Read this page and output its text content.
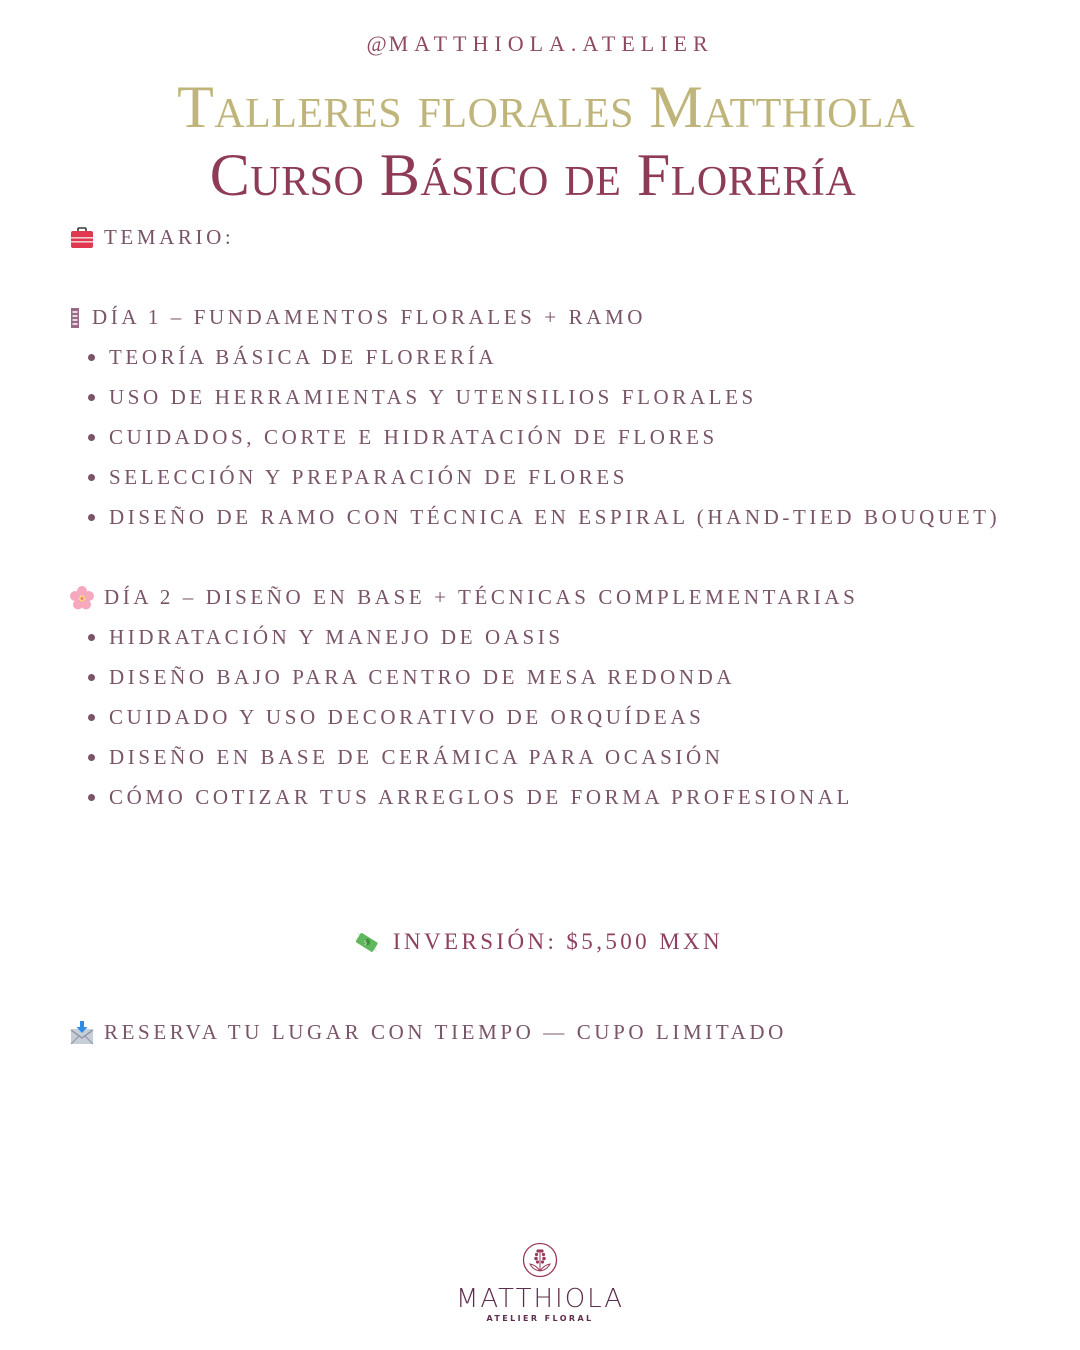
@MATTHIOLA.ATELIER
Talleres florales Matthiola
Curso Básico de Florería
TEMARIO:
DÍA 1 – FUNDAMENTOS FLORALES + RAMO
TEORÍA BÁSICA DE FLORERÍA
USO DE HERRAMIENTAS Y UTENSILIOS FLORALES
CUIDADOS, CORTE E HIDRATACIÓN DE FLORES
SELECCIÓN Y PREPARACIÓN DE FLORES
DISEÑO DE RAMO CON TÉCNICA EN ESPIRAL (HAND-TIED BOUQUET)
DÍA 2 – DISEÑO EN BASE + TÉCNICAS COMPLEMENTARIAS
HIDRATACIÓN Y MANEJO DE OASIS
DISEÑO BAJO PARA CENTRO DE MESA REDONDA
CUIDADO Y USO DECORATIVO DE ORQUÍDEAS
DISEÑO EN BASE DE CERÁMICA PARA OCASIÓN
CÓMO COTIZAR TUS ARREGLOS DE FORMA PROFESIONAL
$ INVERSIÓN: $5,500 MXN
RESERVA TU LUGAR CON TIEMPO — CUPO LIMITADO
MATTHIOLA
ATELIER FLORAL
